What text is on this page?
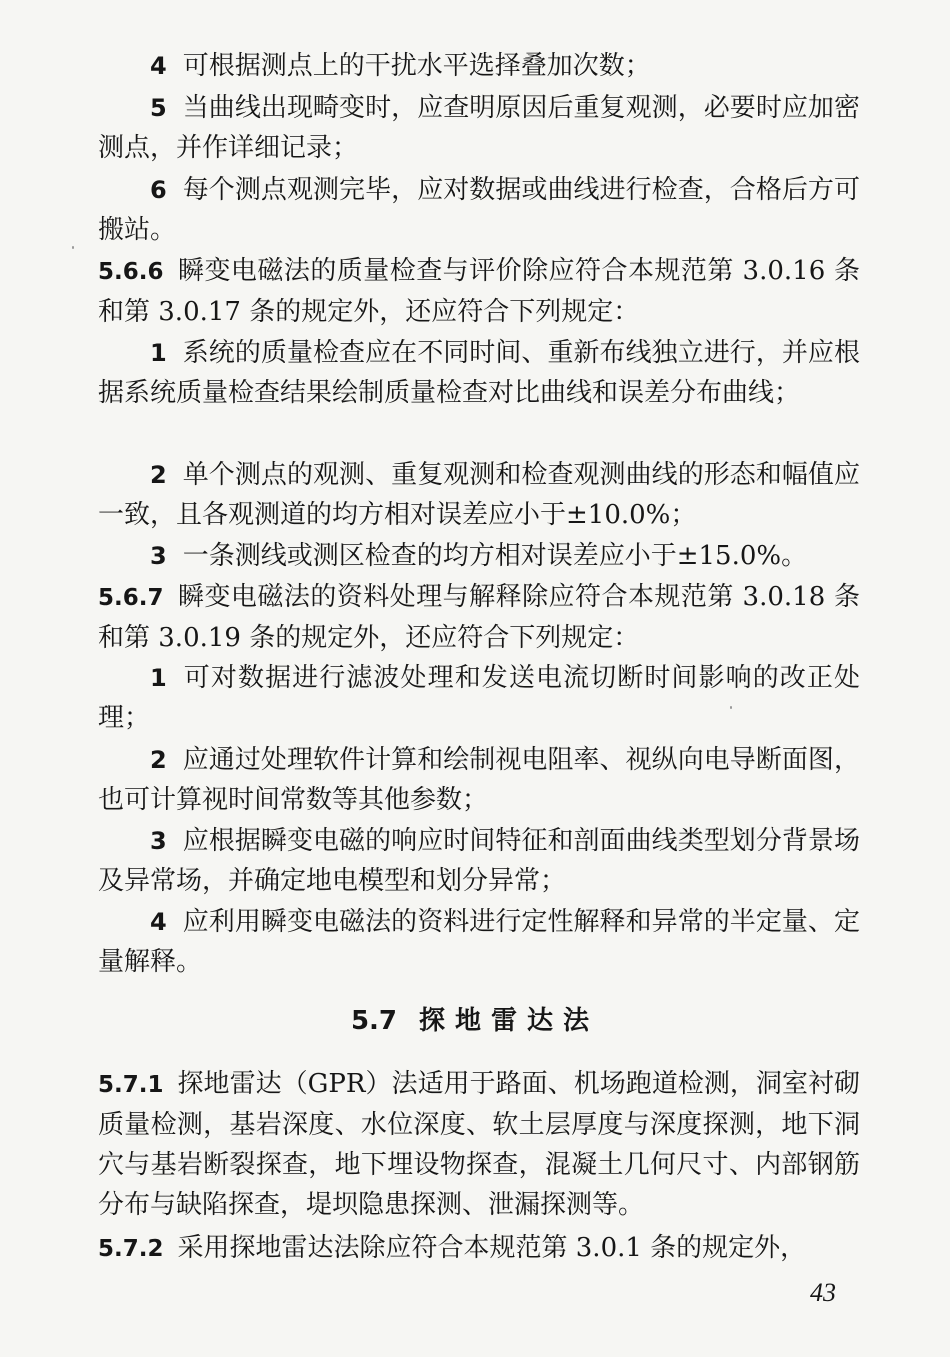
4 可根据测点上的干扰水平选择叠加次数；
5 当曲线出现畸变时，应查明原因后重复观测，必要时应加密测点，并作详细记录；
6 每个测点观测完毕，应对数据或曲线进行检查，合格后方可搬站。
5.6.6 瞬变电磁法的质量检查与评价除应符合本规范第 3.0.16 条和第 3.0.17 条的规定外，还应符合下列规定：
1 系统的质量检查应在不同时间、重新布线独立进行，并应根据系统质量检查结果绘制质量检查对比曲线和误差分布曲线；
2 单个测点的观测、重复观测和检查观测曲线的形态和幅值应一致，且各观测道的均方相对误差应小于±10.0%；
3 一条测线或测区检查的均方相对误差应小于±15.0%。
5.6.7 瞬变电磁法的资料处理与解释除应符合本规范第 3.0.18 条和第 3.0.19 条的规定外，还应符合下列规定：
1 可对数据进行滤波处理和发送电流切断时间影响的改正处理；
2 应通过处理软件计算和绘制视电阻率、视纵向电导断面图，也可计算视时间常数等其他参数；
3 应根据瞬变电磁的响应时间特征和剖面曲线类型划分背景场及异常场，并确定地电模型和划分异常；
4 应利用瞬变电磁法的资料进行定性解释和异常的半定量、定量解释。
5.7 探地雷达法
5.7.1 探地雷达（GPR）法适用于路面、机场跑道检测，洞室衬砌质量检测，基岩深度、水位深度、软土层厚度与深度探测，地下洞穴与基岩断裂探查，地下埋设物探查，混凝土几何尺寸、内部钢筋分布与缺陷探查，堤坝隐患探测、泄漏探测等。
5.7.2 采用探地雷达法除应符合本规范第 3.0.1 条的规定外，
43
